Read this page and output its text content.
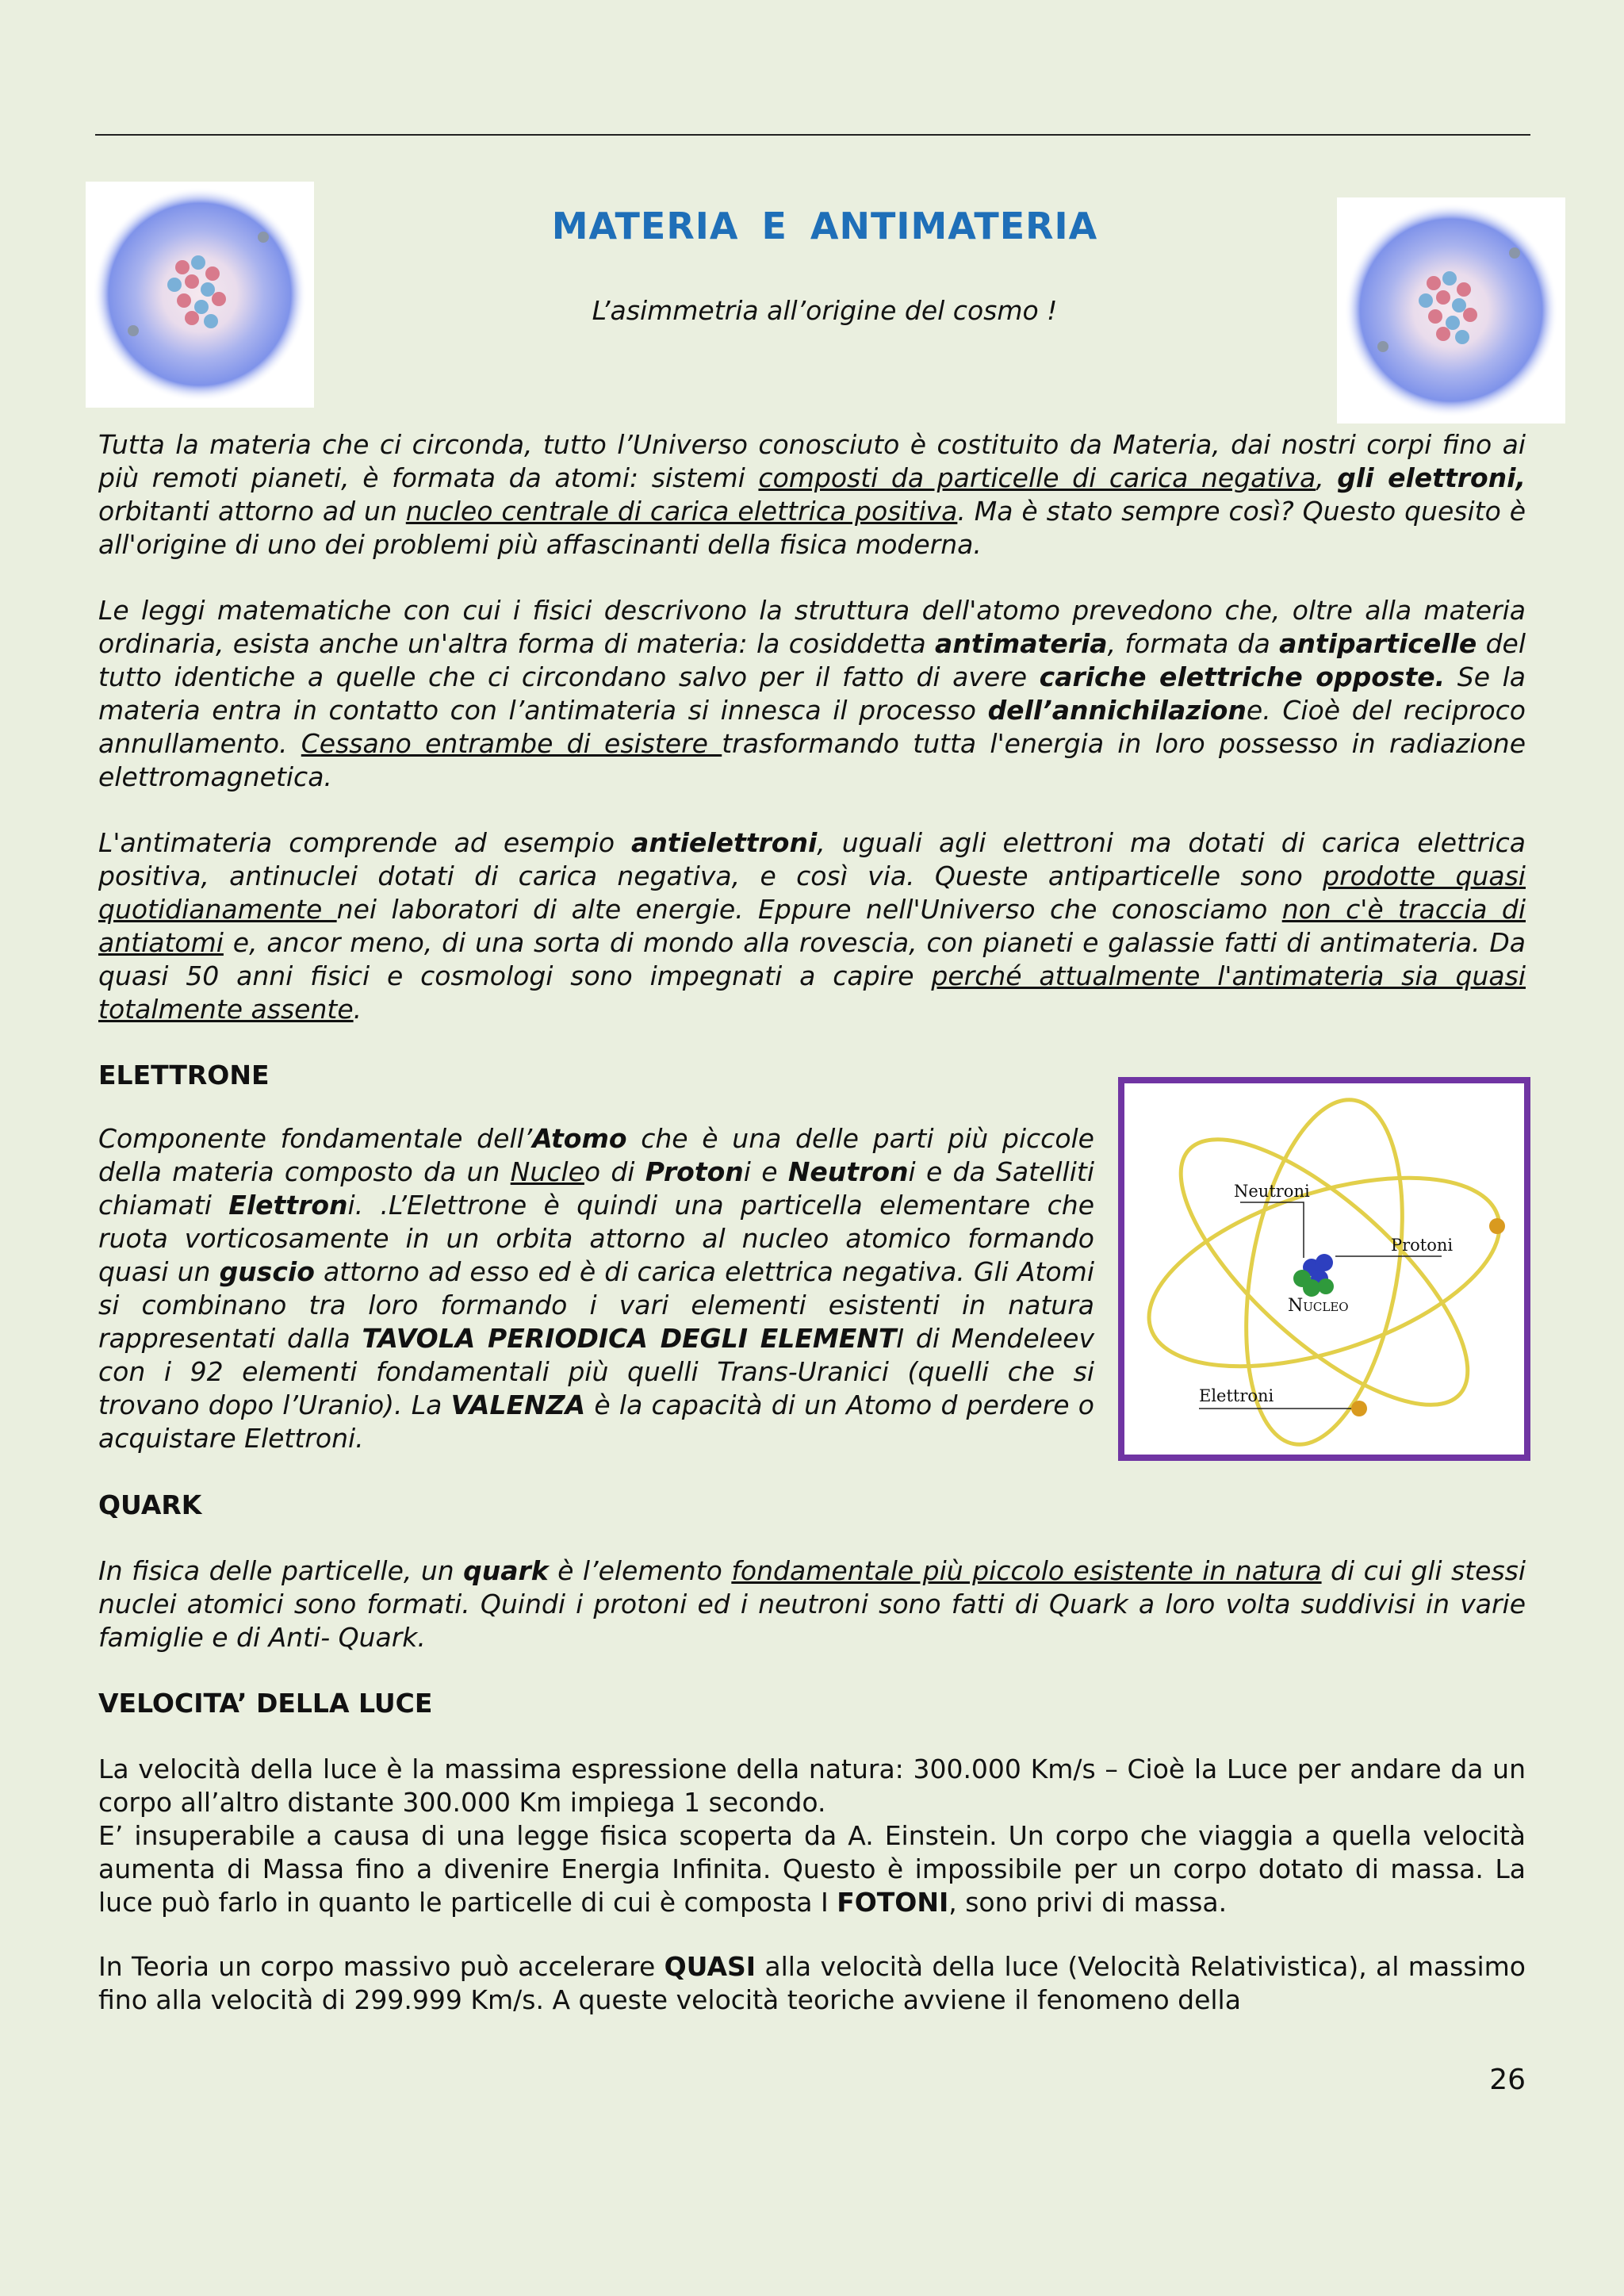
MATERIA E ANTIMATERIA
L’asimmetria all’origine del cosmo !

Tutta la materia che ci circonda, tutto l’Universo conosciuto è costituito da Materia, dai nostri corpi fino ai più remoti pianeti, è formata da atomi: sistemi composti da particelle di carica negativa, gli elettroni, orbitanti attorno ad un nucleo centrale di carica elettrica positiva. Ma è stato sempre così? Questo quesito è all'origine di uno dei problemi più affascinanti della fisica moderna.

Le leggi matematiche con cui i fisici descrivono la struttura dell'atomo prevedono che, oltre alla materia ordinaria, esista anche un'altra forma di materia: la cosiddetta antimateria, formata da antiparticelle del tutto identiche a quelle che ci circondano salvo per il fatto di avere cariche elettriche opposte. Se la materia entra in contatto con l’antimateria si innesca il processo dell’annichilazione. Cioè del reciproco annullamento. Cessano entrambe di esistere trasformando tutta l'energia in loro possesso in radiazione elettromagnetica.

L'antimateria comprende ad esempio antielettroni, uguali agli elettroni ma dotati di carica elettrica positiva, antinuclei dotati di carica negativa, e così via. Queste antiparticelle sono prodotte quasi quotidianamente nei laboratori di alte energie. Eppure nell'Universo che conosciamo non c'è traccia di antiatomi e, ancor meno, di una sorta di mondo alla rovescia, con pianeti e galassie fatti di antimateria. Da quasi 50 anni fisici e cosmologi sono impegnati a capire perché attualmente l'antimateria sia quasi totalmente assente.

ELETTRONE

Componente fondamentale dell’Atomo che è una delle parti più piccole della materia composto da un Nucleo di Protoni e Neutroni e da Satelliti chiamati Elettroni. .L’Elettrone è quindi una particella elementare che ruota vorticosamente in un orbita attorno al nucleo atomico formando quasi un guscio attorno ad esso ed è di carica elettrica negativa. Gli Atomi si combinano tra loro formando i vari elementi esistenti in natura rappresentati dalla TAVOLA PERIODICA DEGLI ELEMENTI di Mendeleev con i 92 elementi fondamentali più quelli Trans-Uranici (quelli che si trovano dopo l’Uranio). La VALENZA è la capacità di un Atomo d perdere o acquistare Elettroni.

Neutroni
Protoni
Nucleo
Elettroni
QUARK

In fisica delle particelle, un quark è l’elemento fondamentale più piccolo esistente in natura di cui gli stessi nuclei atomici sono formati. Quindi i protoni ed i neutroni sono fatti di Quark a loro volta suddivisi in varie famiglie e di Anti- Quark.

VELOCITA’ DELLA LUCE

La velocità della luce è la massima espressione della natura: 300.000 Km/s – Cioè la Luce per andare da un corpo all’altro distante 300.000 Km impiega 1 secondo.
E’ insuperabile a causa di una legge fisica scoperta da A. Einstein. Un corpo che viaggia a quella velocità aumenta di Massa fino a divenire Energia Infinita. Questo è impossibile per un corpo dotato di massa. La luce può farlo in quanto le particelle di cui è composta I FOTONI, sono privi di massa.

In Teoria un corpo massivo può accelerare QUASI alla velocità della luce (Velocità Relativistica), al massimo fino alla velocità di 299.999 Km/s. A queste velocità teoriche avviene il fenomeno della

26
